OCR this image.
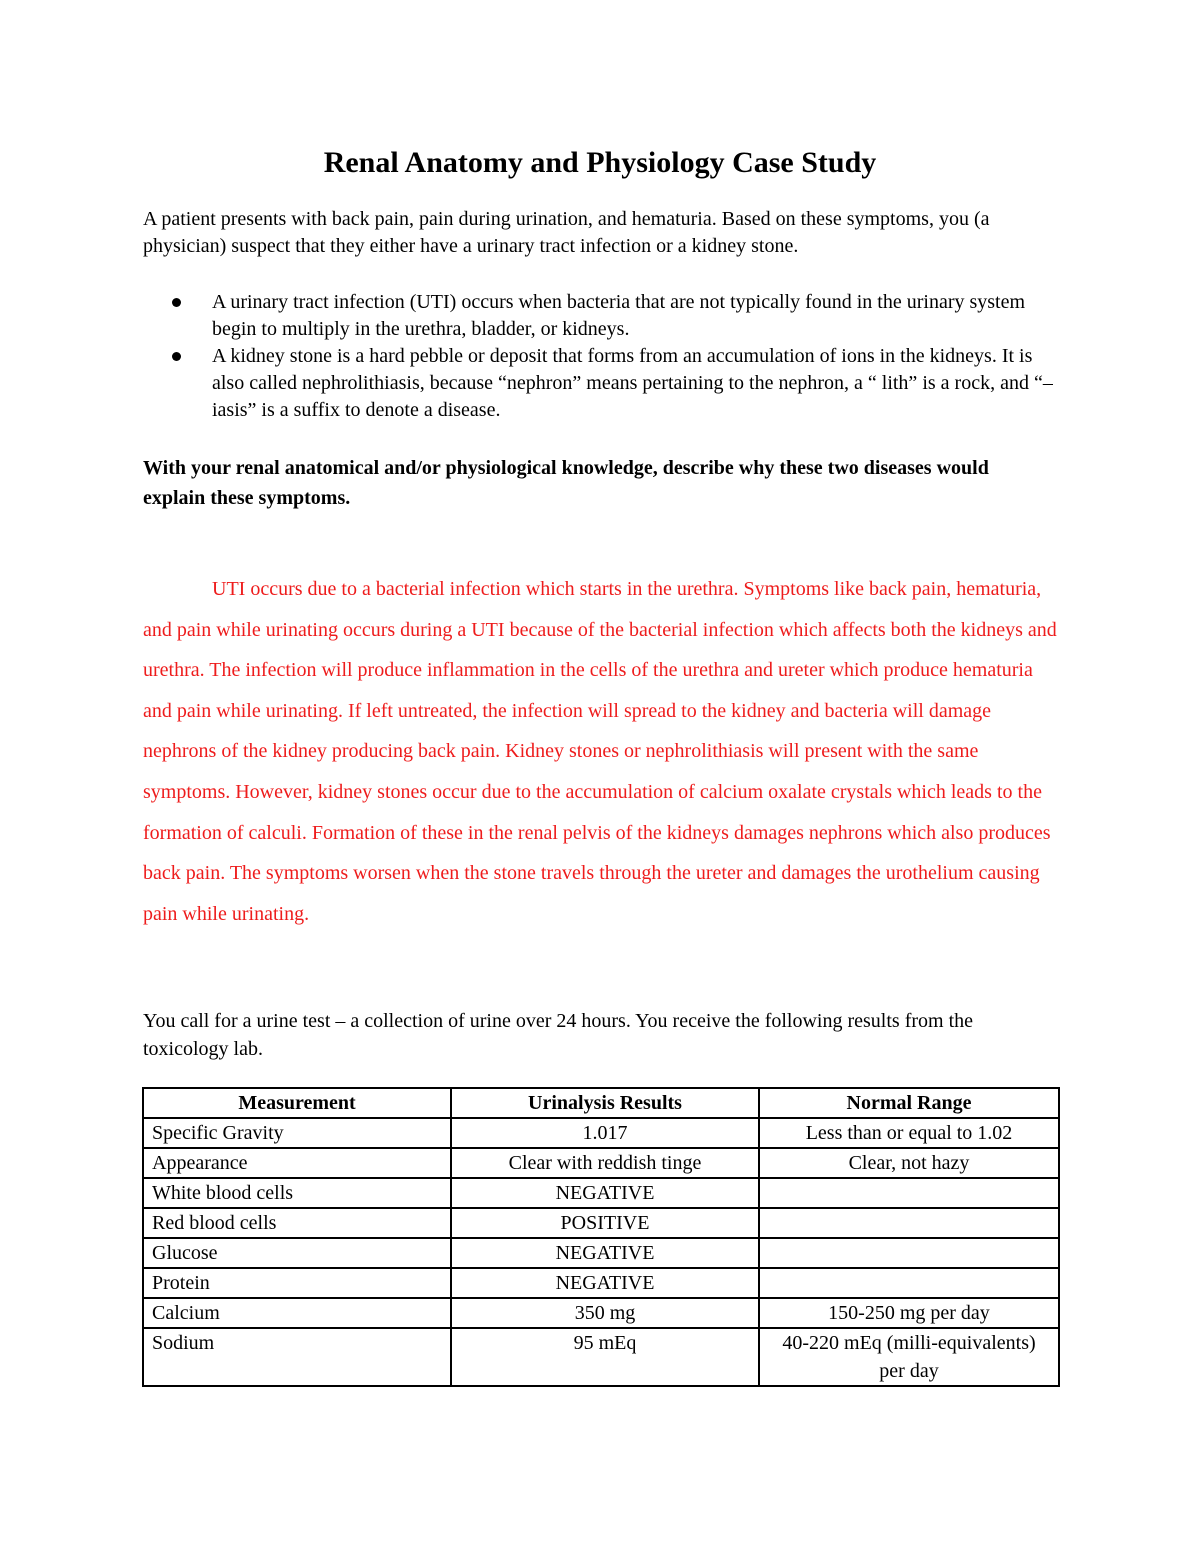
Renal Anatomy and Physiology Case Study
A patient presents with back pain, pain during urination, and hematuria. Based on these symptoms, you (a physician) suspect that they either have a urinary tract infection or a kidney stone.
A urinary tract infection (UTI) occurs when bacteria that are not typically found in the urinary system begin to multiply in the urethra, bladder, or kidneys.
A kidney stone is a hard pebble or deposit that forms from an accumulation of ions in the kidneys. It is also called nephrolithiasis, because “nephron” means pertaining to the nephron, a “ lith” is a rock, and “–iasis” is a suffix to denote a disease.
With your renal anatomical and/or physiological knowledge, describe why these two diseases would explain these symptoms.
UTI occurs due to a bacterial infection which starts in the urethra. Symptoms like back pain, hematuria, and pain while urinating occurs during a UTI because of the bacterial infection which affects both the kidneys and urethra. The infection will produce inflammation in the cells of the urethra and ureter which produce hematuria and pain while urinating. If left untreated, the infection will spread to the kidney and bacteria will damage nephrons of the kidney producing back pain. Kidney stones or nephrolithiasis will present with the same symptoms. However, kidney stones occur due to the accumulation of calcium oxalate crystals which leads to the formation of calculi. Formation of these in the renal pelvis of the kidneys damages nephrons which also produces back pain. The symptoms worsen when the stone travels through the ureter and damages the urothelium causing pain while urinating.
You call for a urine test – a collection of urine over 24 hours. You receive the following results from the toxicology lab.
Measurement	Urinalysis Results	Normal Range
Specific Gravity	1.017	Less than or equal to 1.02
Appearance	Clear with reddish tinge	Clear, not hazy
White blood cells	NEGATIVE	
Red blood cells	POSITIVE	
Glucose	NEGATIVE	
Protein	NEGATIVE	
Calcium	350 mg	150-250 mg per day
Sodium	95 mEq	40-220 mEq (milli-equivalents) per day
